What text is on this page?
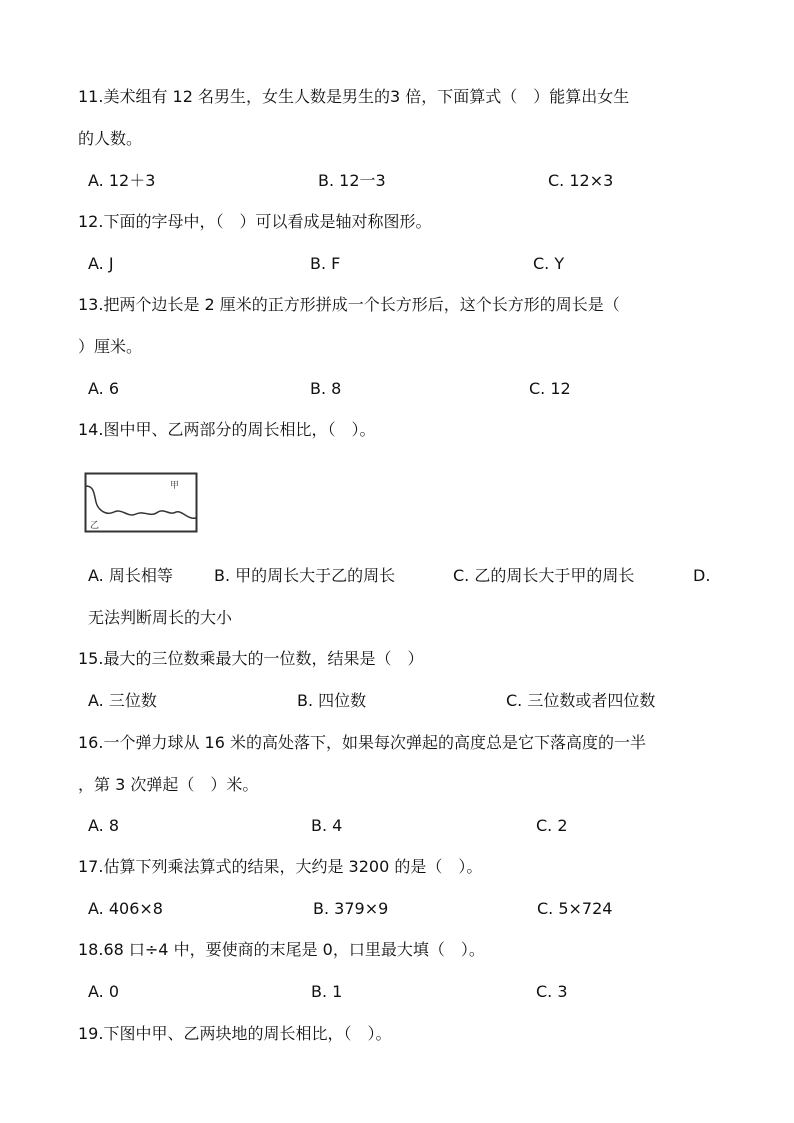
11.美术组有 12 名男生，女生人数是男生的3 倍，下面算式（　）能算出女生
的人数。
A. 12＋3	B. 12一3	C. 12×3
12.下面的字母中，（　）可以看成是轴对称图形。
A. J	B. F	C. Y
13.把两个边长是 2 厘米的正方形拼成一个长方形后，这个长方形的周长是（
）厘米。
A. 6	B. 8	C. 12
14.图中甲、乙两部分的周长相比，（　）。
甲
乙
A. 周长相等	B. 甲的周长大于乙的周长	C. 乙的周长大于甲的周长	D.
无法判断周长的大小
15.最大的三位数乘最大的一位数，结果是（　）
A. 三位数	B. 四位数	C. 三位数或者四位数
16.一个弹力球从 16 米的高处落下，如果每次弹起的高度总是它下落高度的一半
，第 3 次弹起（　）米。
A. 8	B. 4	C. 2
17.估算下列乘法算式的结果，大约是 3200 的是（　）。
A. 406×8	B. 379×9	C. 5×724
18.68 口÷4 中，要使商的末尾是 0，口里最大填（　）。
A. 0	B. 1	C. 3
19.下图中甲、乙两块地的周长相比，（　）。
